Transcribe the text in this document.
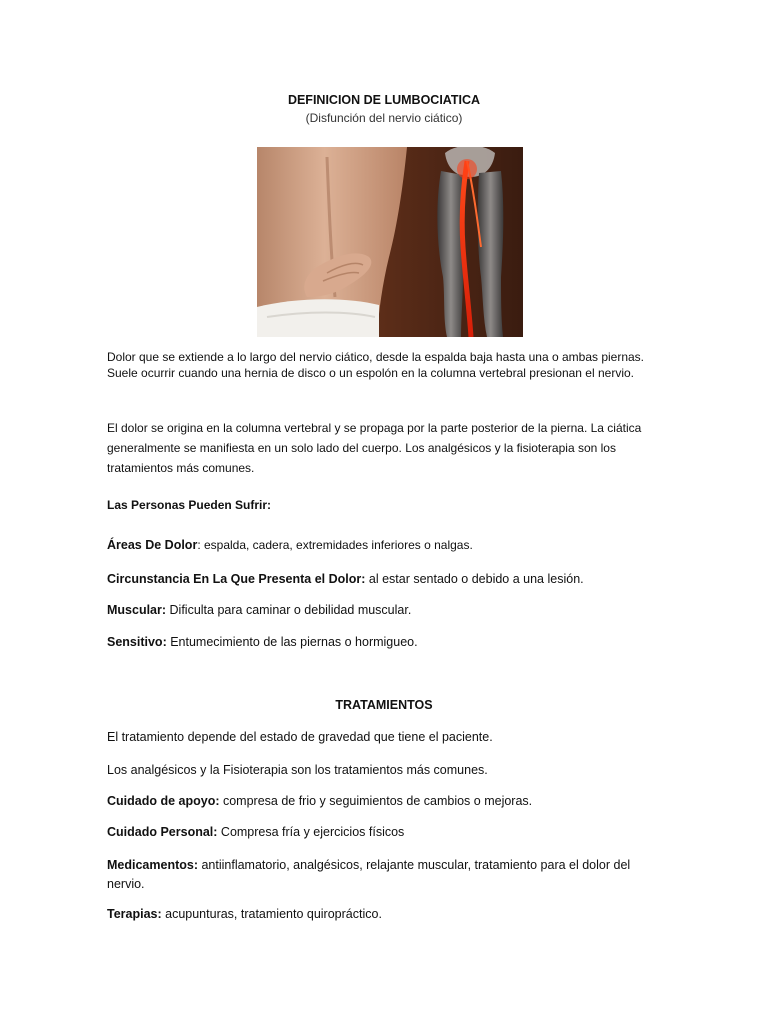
DEFINICION DE LUMBOCIATICA
(Disfunción del nervio ciático)

Dolor que se extiende a lo largo del nervio ciático, desde la espalda baja hasta una o ambas piernas. Suele ocurrir cuando una hernia de disco o un espolón en la columna vertebral presionan el nervio.

El dolor se origina en la columna vertebral y se propaga por la parte posterior de la pierna. La ciática generalmente se manifiesta en un solo lado del cuerpo. Los analgésicos y la fisioterapia son los tratamientos más comunes.

Las Personas Pueden Sufrir:

Áreas De Dolor: espalda, cadera, extremidades inferiores o nalgas.

Circunstancia En La Que Presenta el Dolor: al estar sentado o debido a una lesión.

Muscular: Dificulta para caminar o debilidad muscular.

Sensitivo: Entumecimiento de las piernas o hormigueo.

TRATAMIENTOS

El tratamiento depende del estado de gravedad que tiene el paciente.

Los analgésicos y la Fisioterapia son los tratamientos más comunes.

Cuidado de apoyo: compresa de frio y seguimientos de cambios o mejoras.

Cuidado Personal: Compresa fría y ejercicios físicos

Medicamentos: antiinflamatorio, analgésicos, relajante muscular, tratamiento para el dolor del nervio.

Terapias: acupunturas, tratamiento quiropráctico.
